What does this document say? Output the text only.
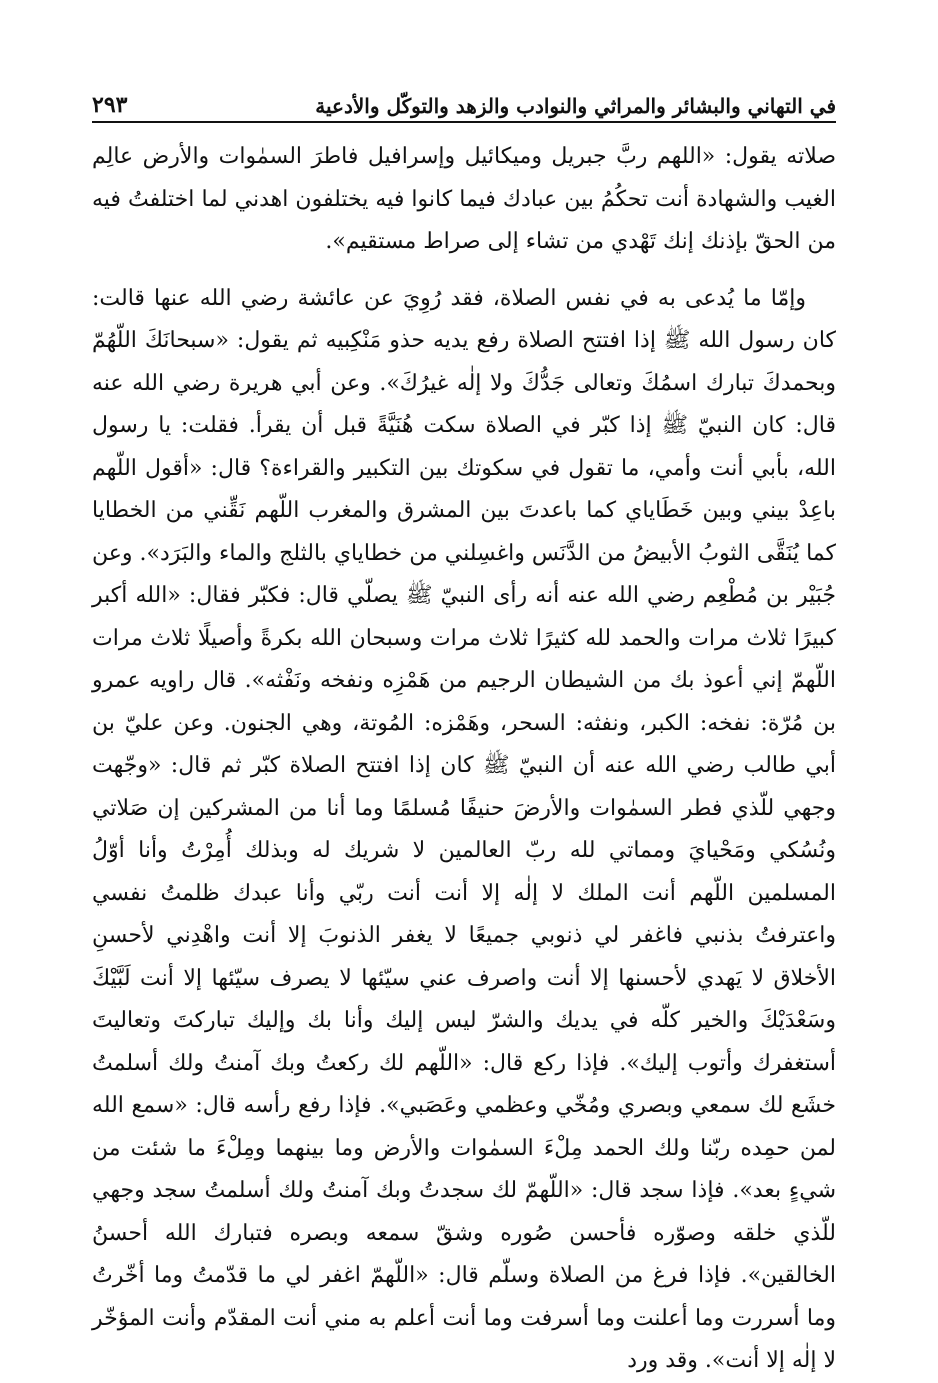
في التهاني والبشائر والمراثي والنوادب والزهد والتوكّل والأدعية
٢٩٣

صلاته يقول: «اللهم ربَّ جبريل وميكائيل وإسرافيل فاطرَ السمٰوات والأرض عالِم الغيب والشهادة أنت تحكُمُ بين عبادك فيما كانوا فيه يختلفون اهدني لما اختلفتُ فيه من الحقّ بإذنك إنك تَهْدي من تشاء إلى صراط مستقيم».

وإمّا ما يُدعى به في نفس الصلاة، فقد رُوِيَ عن عائشة رضي الله عنها قالت: كان رسول الله ﷺ إذا افتتح الصلاة رفع يديه حذو مَنْكِبيه ثم يقول: «سبحانَكَ اللّهُمّ وبحمدكَ تبارك اسمُكَ وتعالى جَدُّكَ ولا إلٰه غيرُكَ». وعن أبي هريرة رضي الله عنه قال: كان النبيّ ﷺ إذا كبّر في الصلاة سكت هُنَيَّةً قبل أن يقرأ. فقلت: يا رسول الله، بأبي أنت وأمي، ما تقول في سكوتك بين التكبير والقراءة؟ قال: «أقول اللّهم باعِدْ بيني وبين خَطَاياي كما باعدتَ بين المشرق والمغرب اللّهم نَقِّني من الخطايا كما يُنَقَّى الثوبُ الأبيضُ من الدَّنَس واغسِلني من خطاياي بالثلج والماء والبَرَد». وعن جُبَيْر بن مُطْعِم رضي الله عنه أنه رأى النبيّ ﷺ يصلّي قال: فكبّر فقال: «الله أكبر كبيرًا ثلاث مرات والحمد لله كثيرًا ثلاث مرات وسبحان الله بكرةً وأصيلًا ثلاث مرات اللّهمّ إني أعوذ بك من الشيطان الرجيم من هَمْزِه ونفخه ونَفْثه». قال راويه عمرو بن مُرّة: نفخه: الكبر، ونفثه: السحر، وهَمْزه: المُوتة، وهي الجنون. وعن عليّ بن أبي طالب رضي الله عنه أن النبيّ ﷺ كان إذا افتتح الصلاة كبّر ثم قال: «وجّهت وجهي للّذي فطر السمٰوات والأرضَ حنيفًا مُسلمًا وما أنا من المشركين إن صَلاتي ونُسُكي ومَحْيايَ ومماتي لله ربّ العالمين لا شريك له وبذلك أُمِرْتُ وأنا أوّلُ المسلمين اللّهم أنت الملك لا إلٰه إلا أنت أنت ربّي وأنا عبدك ظلمتُ نفسي واعترفتُ بذنبي فاغفر لي ذنوبي جميعًا لا يغفر الذنوبَ إلا أنت واهْدِني لأحسنِ الأخلاق لا يَهدي لأحسنها إلا أنت واصرف عني سيّئها لا يصرف سيّئها إلا أنت لَبَّيْكَ وسَعْدَيْكَ والخير كلّه في يديك والشرّ ليس إليك وأنا بك وإليك تباركتَ وتعاليتَ أستغفرك وأتوب إليك». فإذا ركع قال: «اللّهم لك ركعتُ وبك آمنتُ ولك أسلمتُ خشَع لك سمعي وبصري ومُخّي وعظمي وعَصَبي». فإذا رفع رأسه قال: «سمع الله لمن حمِده ربّنا ولك الحمد مِلْءَ السمٰوات والأرض وما بينهما ومِلْءَ ما شئت من شيءٍ بعد». فإذا سجد قال: «اللّهمّ لك سجدتُ وبك آمنتُ ولك أسلمتُ سجد وجهي للّذي خلقه وصوّره فأحسن صُوره وشقّ سمعه وبصره فتبارك الله أحسنُ الخالقين». فإذا فرغ من الصلاة وسلّم قال: «اللّهمّ اغفر لي ما قدّمتُ وما أخّرتُ وما أسررت وما أعلنت وما أسرفت وما أنت أعلم به مني أنت المقدّم وأنت المؤخّر لا إلٰه إلا أنت». وقد ورد
